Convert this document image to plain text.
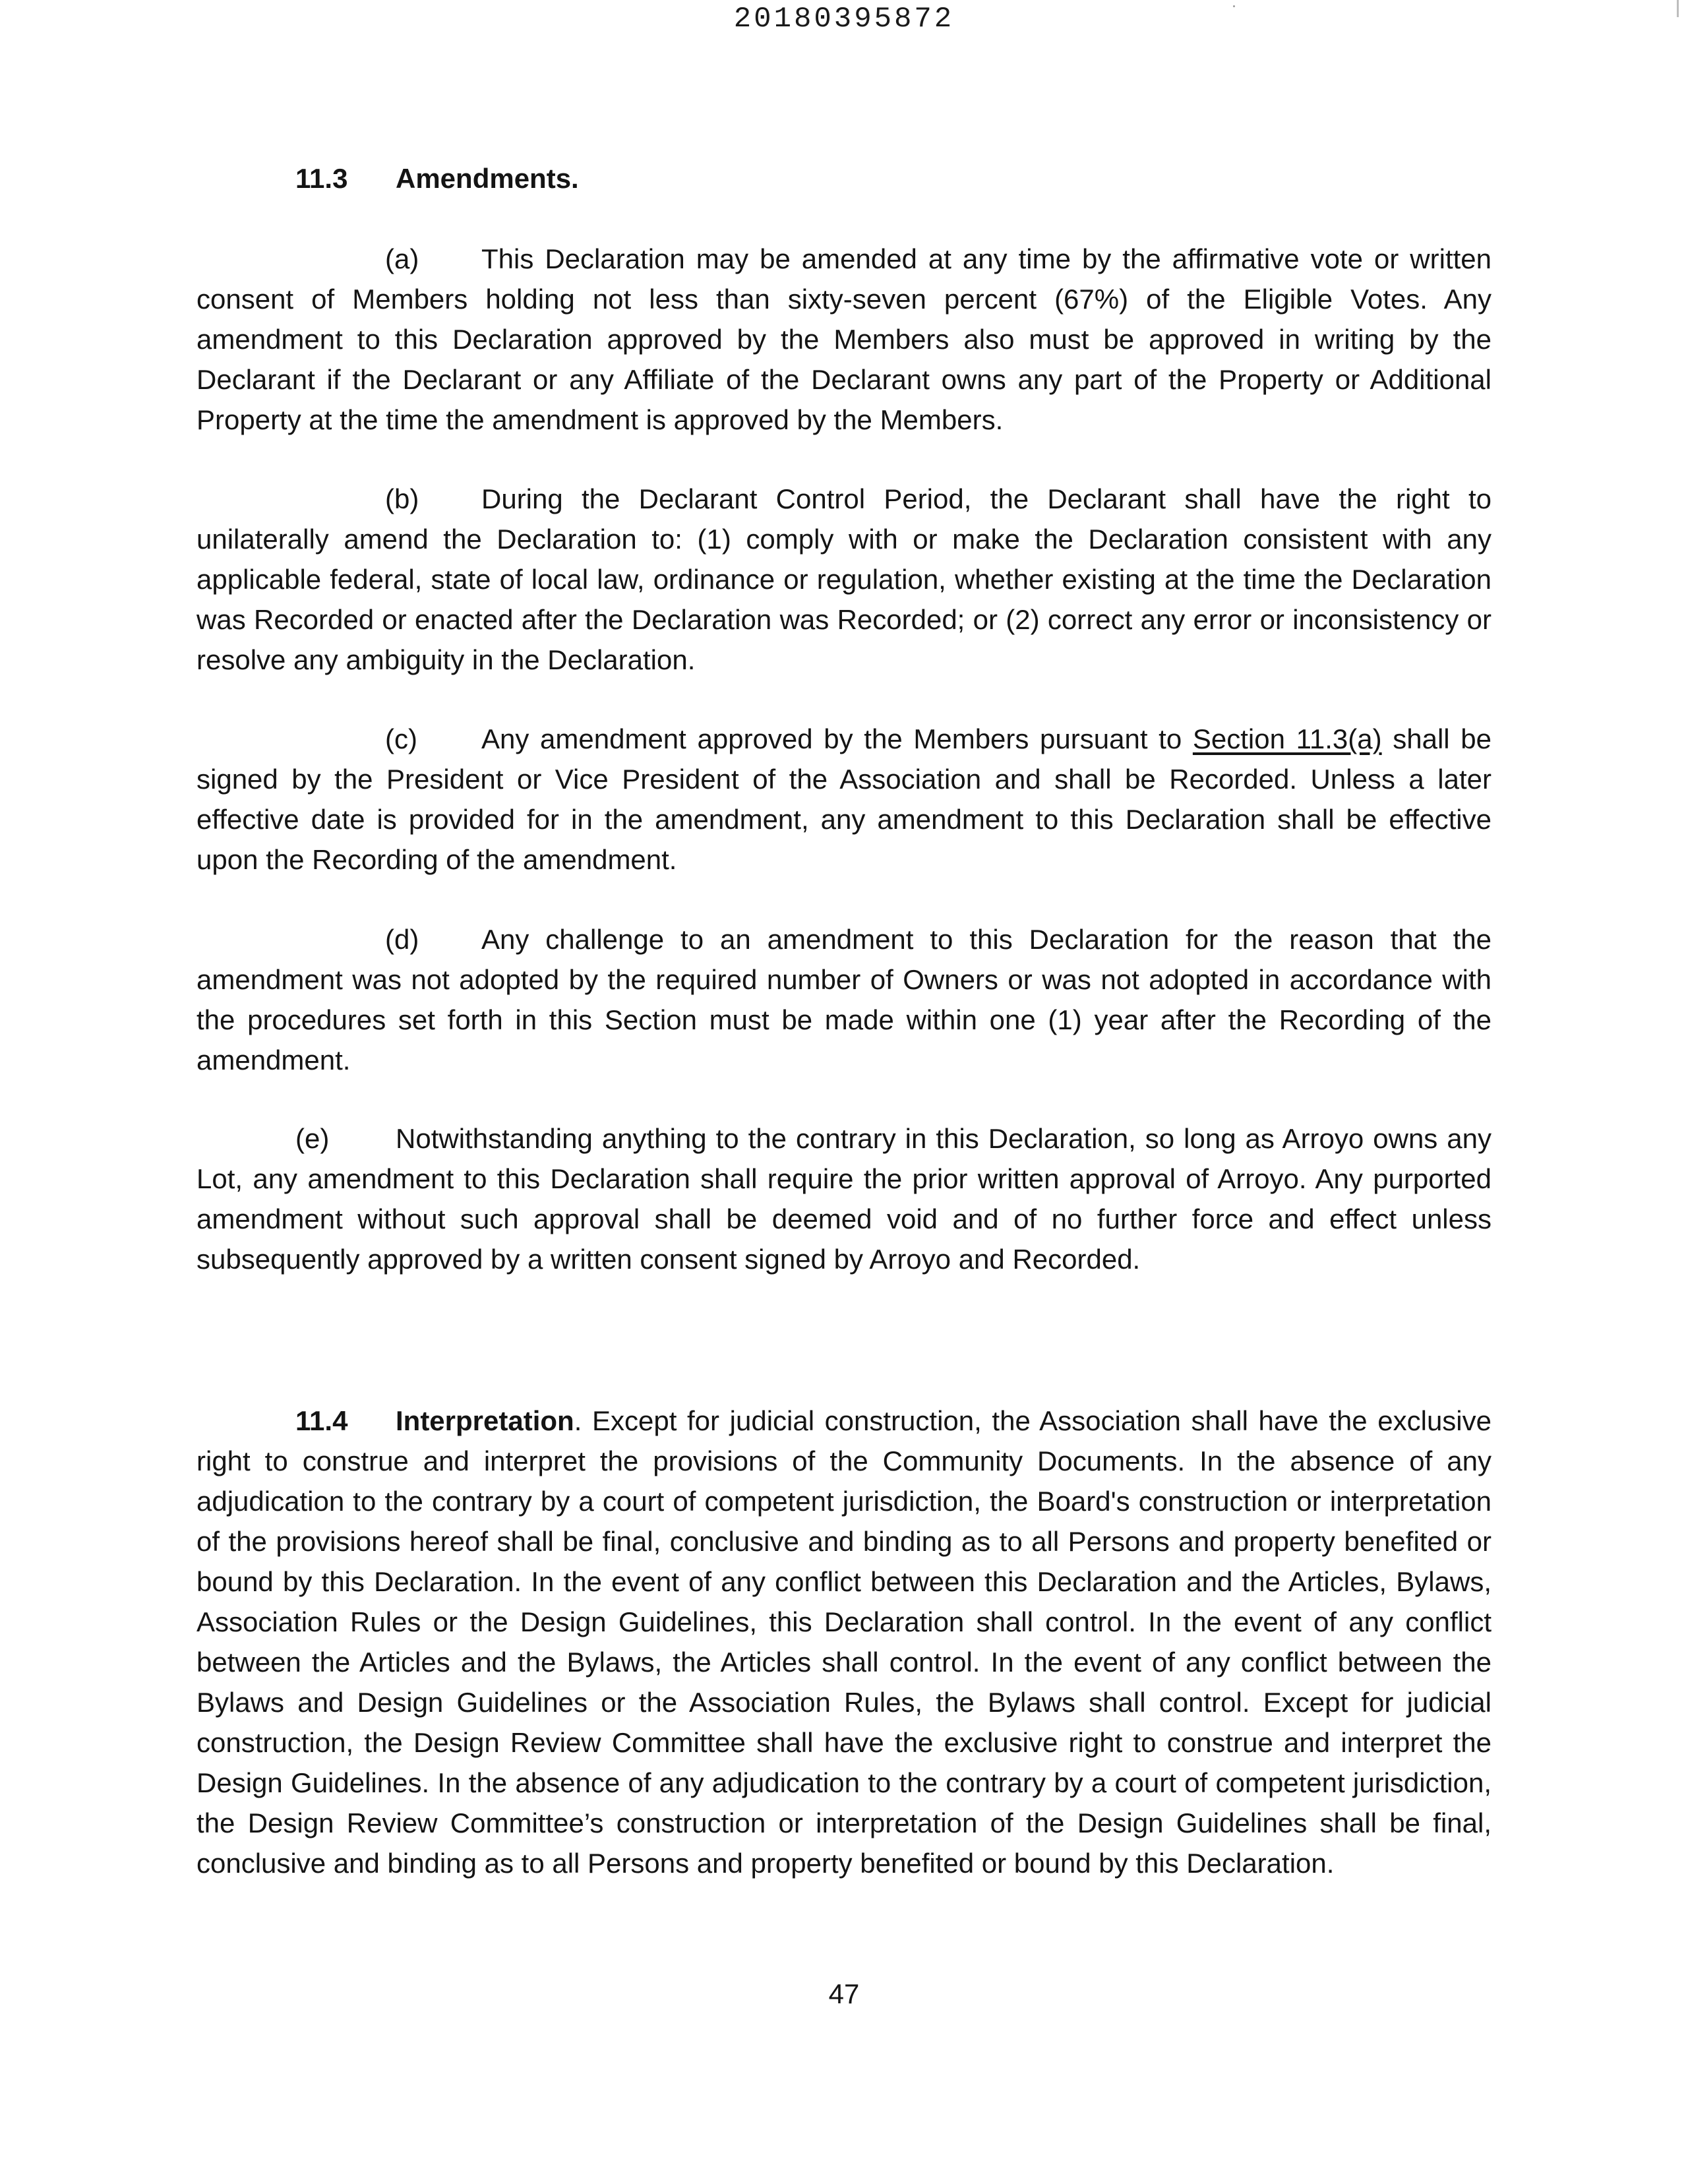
20180395872
11.3 Amendments.
(a) This Declaration may be amended at any time by the affirmative vote or written consent of Members holding not less than sixty-seven percent (67%) of the Eligible Votes. Any amendment to this Declaration approved by the Members also must be approved in writing by the Declarant if the Declarant or any Affiliate of the Declarant owns any part of the Property or Additional Property at the time the amendment is approved by the Members.
(b) During the Declarant Control Period, the Declarant shall have the right to unilaterally amend the Declaration to: (1) comply with or make the Declaration consistent with any applicable federal, state of local law, ordinance or regulation, whether existing at the time the Declaration was Recorded or enacted after the Declaration was Recorded; or (2) correct any error or inconsistency or resolve any ambiguity in the Declaration.
(c) Any amendment approved by the Members pursuant to Section 11.3(a) shall be signed by the President or Vice President of the Association and shall be Recorded. Unless a later effective date is provided for in the amendment, any amendment to this Declaration shall be effective upon the Recording of the amendment.
(d) Any challenge to an amendment to this Declaration for the reason that the amendment was not adopted by the required number of Owners or was not adopted in accordance with the procedures set forth in this Section must be made within one (1) year after the Recording of the amendment.
(e) Notwithstanding anything to the contrary in this Declaration, so long as Arroyo owns any Lot, any amendment to this Declaration shall require the prior written approval of Arroyo. Any purported amendment without such approval shall be deemed void and of no further force and effect unless subsequently approved by a written consent signed by Arroyo and Recorded.
11.4 Interpretation. Except for judicial construction, the Association shall have the exclusive right to construe and interpret the provisions of the Community Documents. In the absence of any adjudication to the contrary by a court of competent jurisdiction, the Board's construction or interpretation of the provisions hereof shall be final, conclusive and binding as to all Persons and property benefited or bound by this Declaration. In the event of any conflict between this Declaration and the Articles, Bylaws, Association Rules or the Design Guidelines, this Declaration shall control. In the event of any conflict between the Articles and the Bylaws, the Articles shall control. In the event of any conflict between the Bylaws and Design Guidelines or the Association Rules, the Bylaws shall control. Except for judicial construction, the Design Review Committee shall have the exclusive right to construe and interpret the Design Guidelines. In the absence of any adjudication to the contrary by a court of competent jurisdiction, the Design Review Committee’s construction or interpretation of the Design Guidelines shall be final, conclusive and binding as to all Persons and property benefited or bound by this Declaration.
47
